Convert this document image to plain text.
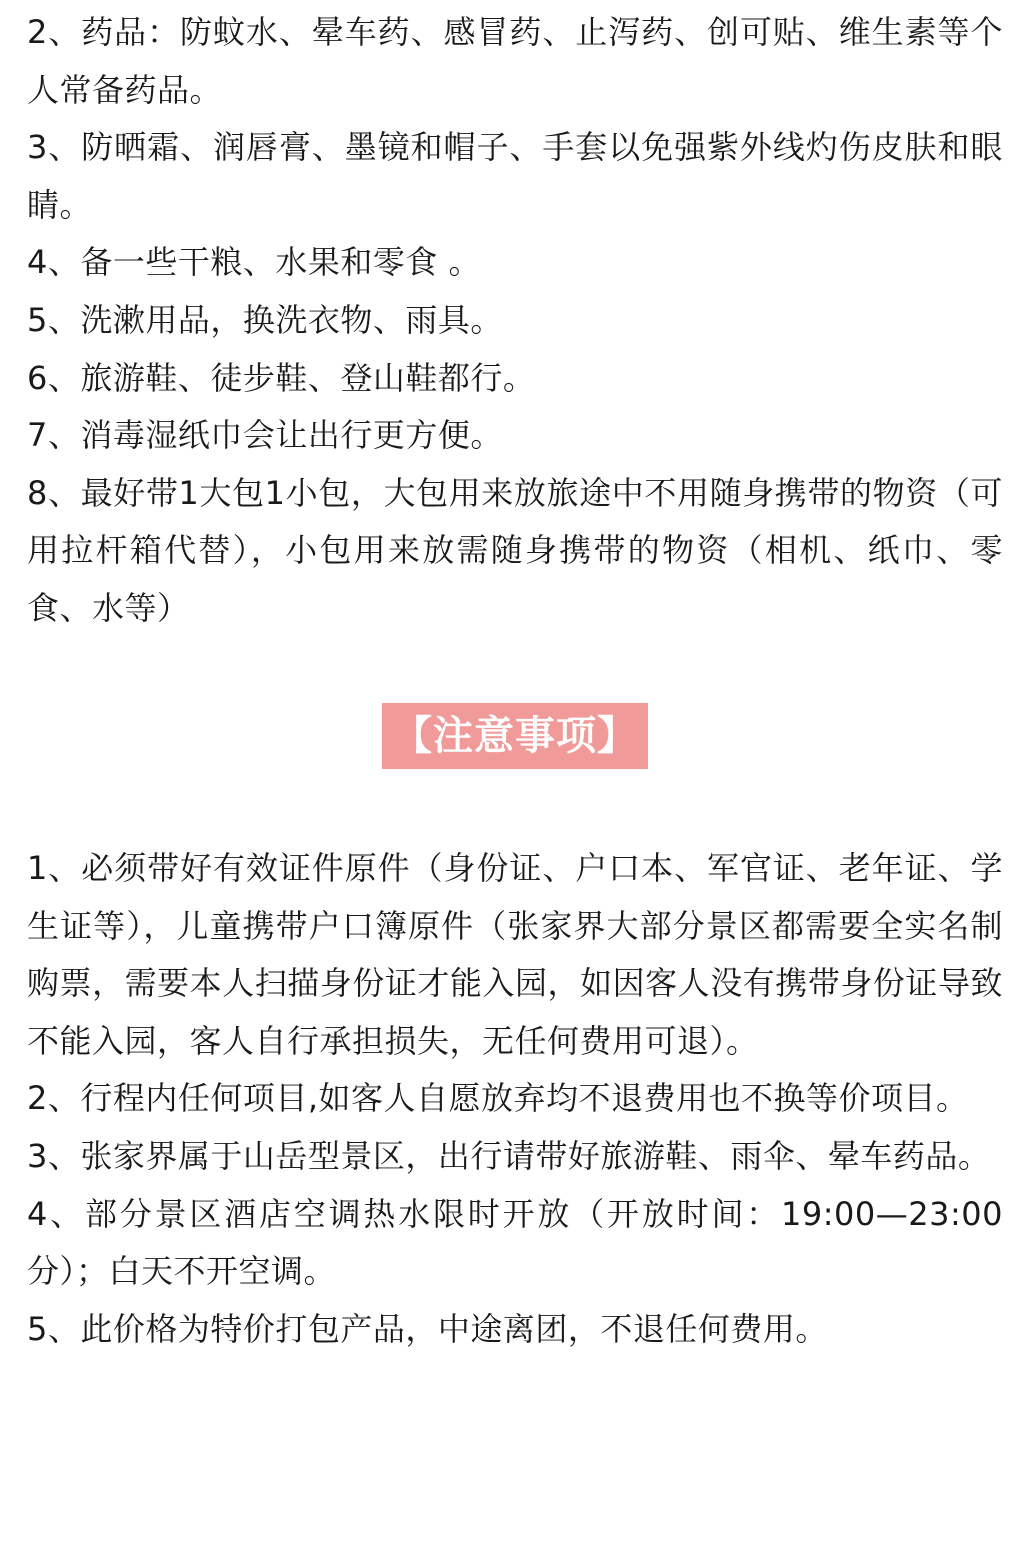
2、药品：防蚊水、晕车药、感冒药、止泻药、创可贴、维生素等个人常备药品。
3、防晒霜、润唇膏、墨镜和帽子、手套以免强紫外线灼伤皮肤和眼睛。
4、备一些干粮、水果和零食 。
5、洗漱用品，换洗衣物、雨具。
6、旅游鞋、徒步鞋、登山鞋都行。
7、消毒湿纸巾会让出行更方便。
8、最好带1大包1小包，大包用来放旅途中不用随身携带的物资（可用拉杆箱代替），小包用来放需随身携带的物资（相机、纸巾、零食、水等）
【注意事项】
1、必须带好有效证件原件（身份证、户口本、军官证、老年证、学生证等），儿童携带户口簿原件（张家界大部分景区都需要全实名制购票，需要本人扫描身份证才能入园，如因客人没有携带身份证导致不能入园，客人自行承担损失，无任何费用可退）。
2、行程内任何项目,如客人自愿放弃均不退费用也不换等价项目。
3、张家界属于山岳型景区，出行请带好旅游鞋、雨伞、晕车药品。
4、部分景区酒店空调热水限时开放（开放时间：19:00—23:00分）；白天不开空调。
5、此价格为特价打包产品，中途离团，不退任何费用。
